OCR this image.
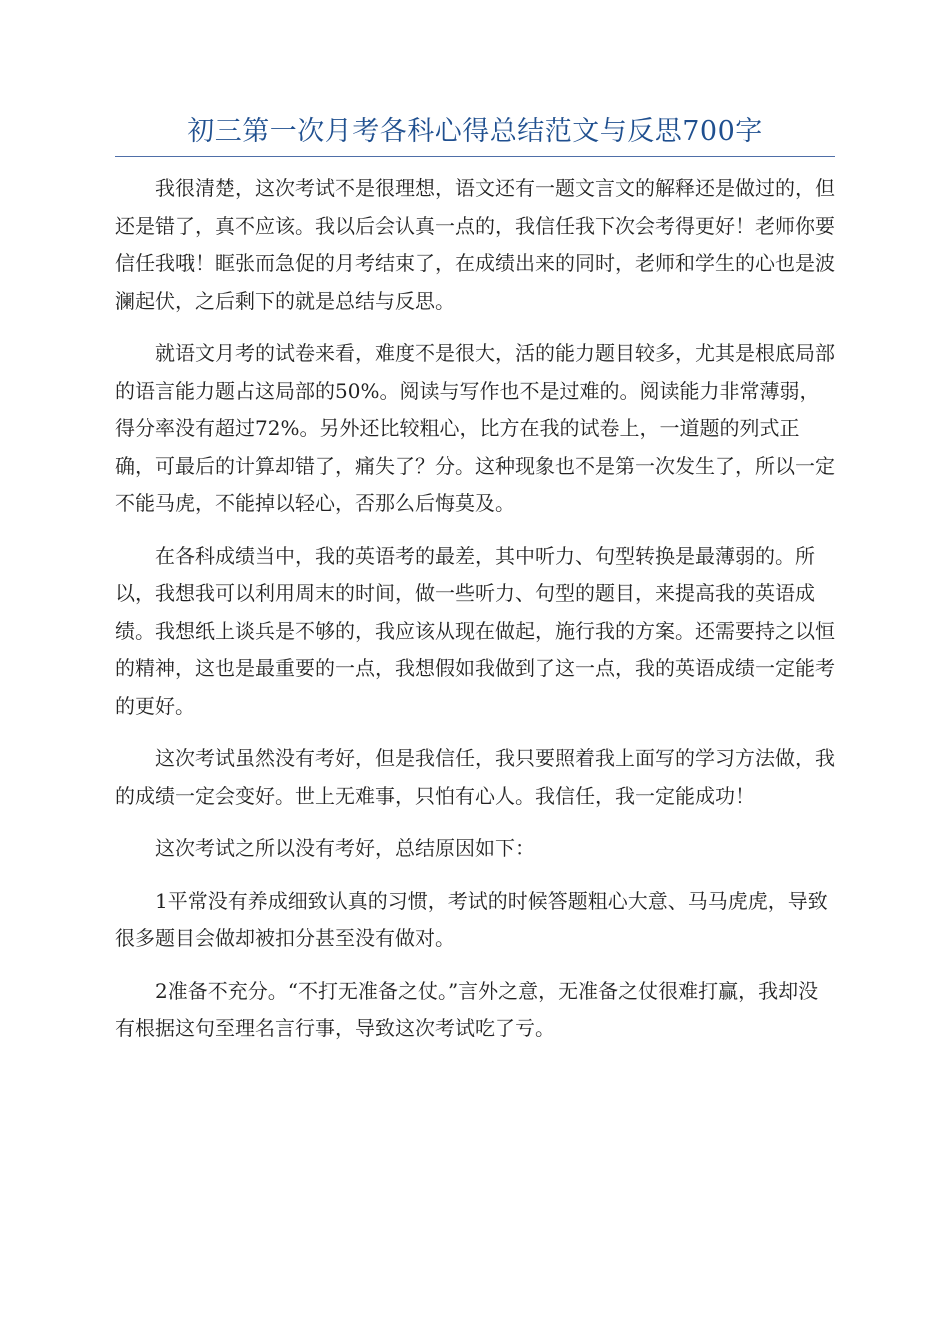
初三第一次月考各科心得总结范文与反思700字

我很清楚，这次考试不是很理想，语文还有一题文言文的解释还是做过的，但还是错了，真不应该。我以后会认真一点的，我信任我下次会考得更好！老师你要信任我哦！眶张而急促的月考结束了，在成绩出来的同时，老师和学生的心也是波澜起伏，之后剩下的就是总结与反思。

就语文月考的试卷来看，难度不是很大，活的能力题目较多，尤其是根底局部的语言能力题占这局部的50%。阅读与写作也不是过难的。阅读能力非常薄弱，得分率没有超过72%。另外还比较粗心，比方在我的试卷上，一道题的列式正确，可最后的计算却错了，痛失了？分。这种现象也不是第一次发生了，所以一定不能马虎，不能掉以轻心，否那么后悔莫及。

在各科成绩当中，我的英语考的最差，其中听力、句型转换是最薄弱的。所以，我想我可以利用周末的时间，做一些听力、句型的题目，来提高我的英语成绩。我想纸上谈兵是不够的，我应该从现在做起，施行我的方案。还需要持之以恒的精神，这也是最重要的一点，我想假如我做到了这一点，我的英语成绩一定能考的更好。

这次考试虽然没有考好，但是我信任，我只要照着我上面写的学习方法做，我的成绩一定会变好。世上无难事，只怕有心人。我信任，我一定能成功！

这次考试之所以没有考好，总结原因如下：

1平常没有养成细致认真的习惯，考试的时候答题粗心大意、马马虎虎，导致很多题目会做却被扣分甚至没有做对。

2准备不充分。“不打无准备之仗。”言外之意，无准备之仗很难打赢，我却没有根据这句至理名言行事，导致这次考试吃了亏。
